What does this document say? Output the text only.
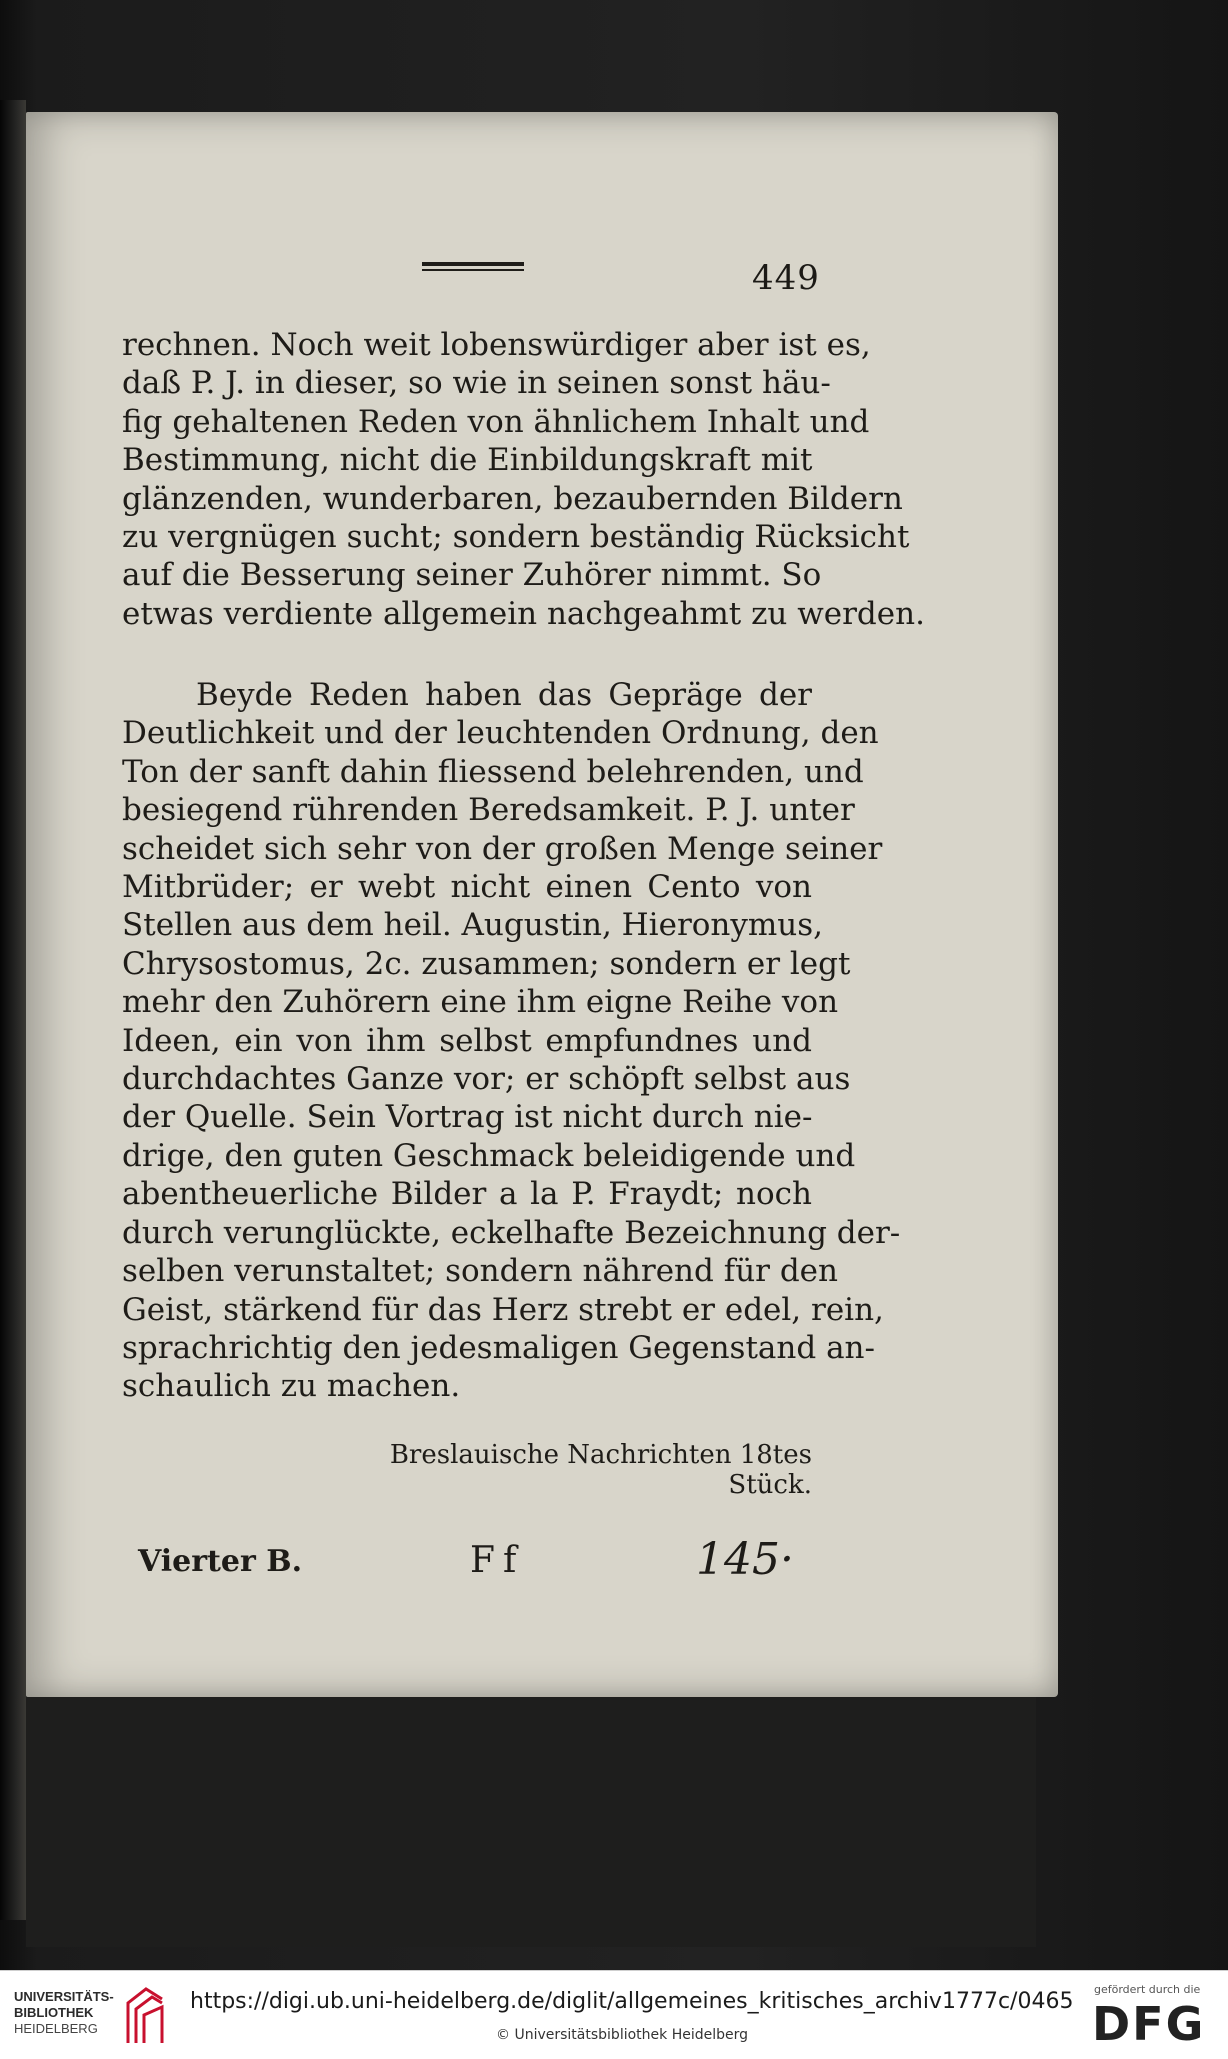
449
rechnen. Noch weit lobenswürdiger aber ist es,
daß P. J. in dieser, so wie in seinen sonst häu-
fig gehaltenen Reden von ähnlichem Inhalt und
Bestimmung, nicht die Einbildungskraft mit
glänzenden, wunderbaren, bezaubernden Bildern
zu vergnügen sucht; sondern beständig Rücksicht
auf die Besserung seiner Zuhörer nimmt. So
etwas verdiente allgemein nachgeahmt zu werden.
Beyde Reden haben das Gepräge der
Deutlichkeit und der leuchtenden Ordnung, den
Ton der sanft dahin fliessend belehrenden, und
besiegend rührenden Beredsamkeit. P. J. unter
scheidet sich sehr von der großen Menge seiner
Mitbrüder; er webt nicht einen Cento von
Stellen aus dem heil. Augustin, Hieronymus,
Chrysostomus, 2c. zusammen; sondern er legt
mehr den Zuhörern eine ihm eigne Reihe von
Ideen, ein von ihm selbst empfundnes und
durchdachtes Ganze vor; er schöpft selbst aus
der Quelle. Sein Vortrag ist nicht durch nie-
drige, den guten Geschmack beleidigende und
abentheuerliche Bilder a la P. Fraydt; noch
durch verunglückte, eckelhafte Bezeichnung der-
selben verunstaltet; sondern nährend für den
Geist, stärkend für das Herz strebt er edel, rein,
sprachrichtig den jedesmaligen Gegenstand an-
schaulich zu machen.
Breslauische Nachrichten 18tes Stück.
Vierter B.	Ff	145·
UNIVERSITÄTS-
BIBLIOTHEK
HEIDELBERG
https://digi.ub.uni-heidelberg.de/diglit/allgemeines_kritisches_archiv1777c/0465
© Universitätsbibliothek Heidelberg
gefördert durch die
DFG
